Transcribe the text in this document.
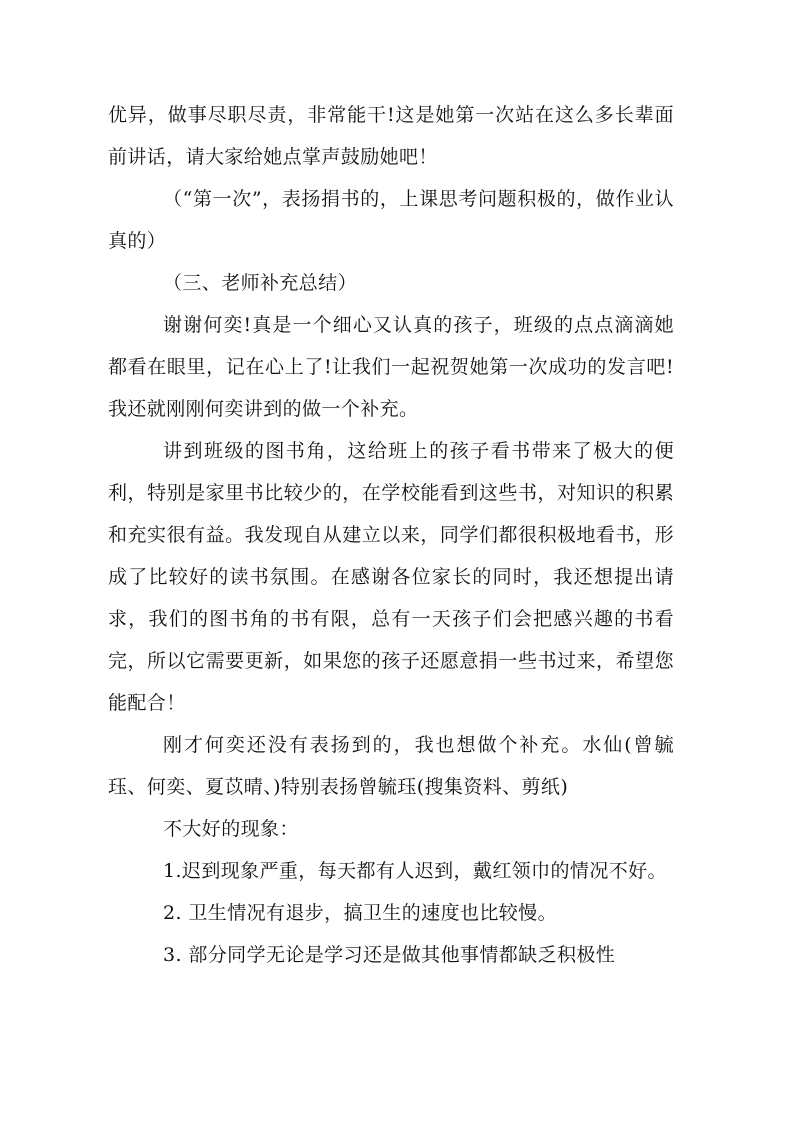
优异，做事尽职尽责，非常能干!这是她第一次站在这么多长辈面前讲话，请大家给她点掌声鼓励她吧！

（“第一次”，表扬捐书的，上课思考问题积极的，做作业认真的）

（三、老师补充总结）

谢谢何奕!真是一个细心又认真的孩子，班级的点点滴滴她都看在眼里，记在心上了!让我们一起祝贺她第一次成功的发言吧!我还就刚刚何奕讲到的做一个补充。

讲到班级的图书角，这给班上的孩子看书带来了极大的便利，特别是家里书比较少的，在学校能看到这些书，对知识的积累和充实很有益。我发现自从建立以来，同学们都很积极地看书，形成了比较好的读书氛围。在感谢各位家长的同时，我还想提出请求，我们的图书角的书有限，总有一天孩子们会把感兴趣的书看完，所以它需要更新，如果您的孩子还愿意捐一些书过来，希望您能配合！

刚才何奕还没有表扬到的，我也想做个补充。水仙(曾毓珏、何奕、夏苡晴、)特别表扬曾毓珏(搜集资料、剪纸)

不大好的现象：

1.迟到现象严重，每天都有人迟到，戴红领巾的情况不好。

2. 卫生情况有退步，搞卫生的速度也比较慢。

3. 部分同学无论是学习还是做其他事情都缺乏积极性
